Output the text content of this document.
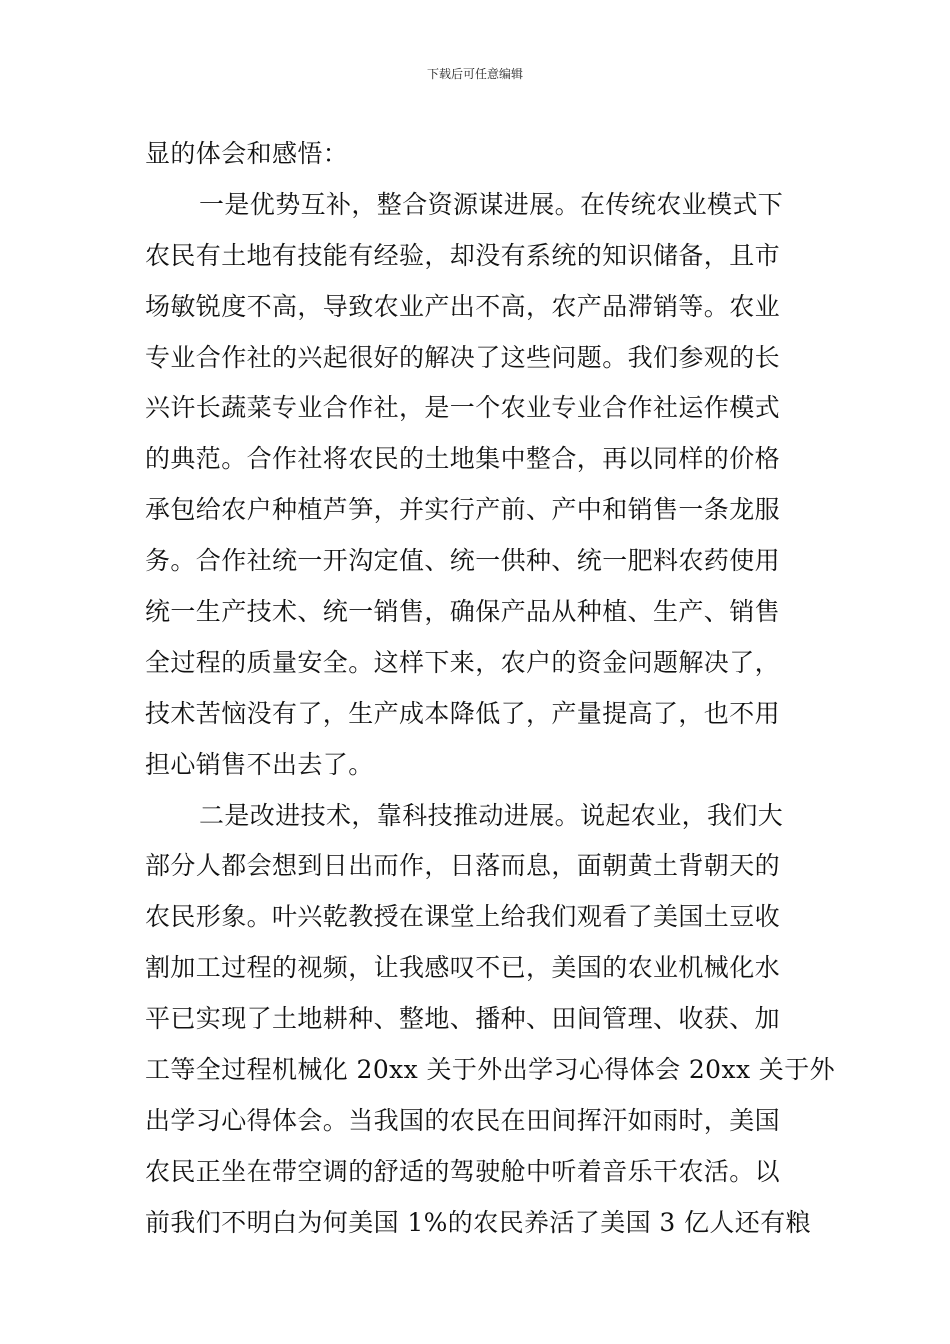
下载后可任意编辑
显的体会和感悟：
一是优势互补，整合资源谋进展。在传统农业模式下
农民有土地有技能有经验，却没有系统的知识储备，且市
场敏锐度不高，导致农业产出不高，农产品滞销等。农业
专业合作社的兴起很好的解决了这些问题。我们参观的长
兴许长蔬菜专业合作社，是一个农业专业合作社运作模式
的典范。合作社将农民的土地集中整合，再以同样的价格
承包给农户种植芦笋，并实行产前、产中和销售一条龙服
务。合作社统一开沟定值、统一供种、统一肥料农药使用
统一生产技术、统一销售，确保产品从种植、生产、销售
全过程的质量安全。这样下来，农户的资金问题解决了，
技术苦恼没有了，生产成本降低了，产量提高了，也不用
担心销售不出去了。
二是改进技术，靠科技推动进展。说起农业，我们大
部分人都会想到日出而作，日落而息，面朝黄土背朝天的
农民形象。叶兴乾教授在课堂上给我们观看了美国土豆收
割加工过程的视频，让我感叹不已，美国的农业机械化水
平已实现了土地耕种、整地、播种、田间管理、收获、加
工等全过程机械化 20xx 关于外出学习心得体会 20xx 关于外
出学习心得体会。当我国的农民在田间挥汗如雨时，美国
农民正坐在带空调的舒适的驾驶舱中听着音乐干农活。以
前我们不明白为何美国 1%的农民养活了美国 3 亿人还有粮
